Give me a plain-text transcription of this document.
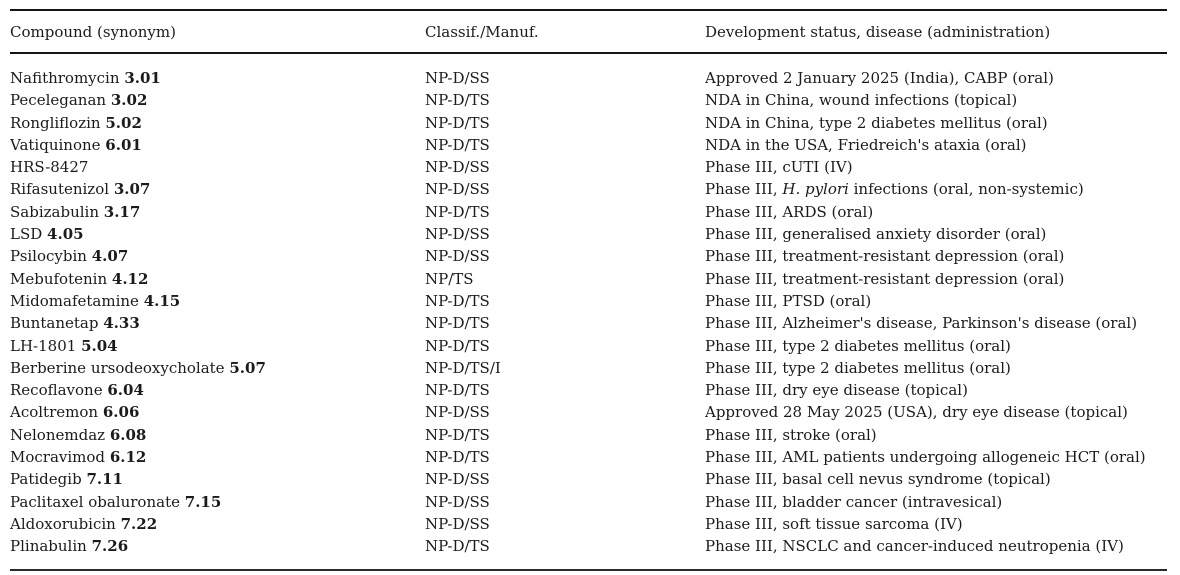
Compound (synonym)	Classif./Manuf.	Development status, disease (administration)
Nafithromycin 3.01	NP-D/SS	Approved 2 January 2025 (India), CABP (oral)
Peceleganan 3.02	NP-D/TS	NDA in China, wound infections (topical)
Rongliflozin 5.02	NP-D/TS	NDA in China, type 2 diabetes mellitus (oral)
Vatiquinone 6.01	NP-D/TS	NDA in the USA, Friedreich's ataxia (oral)
HRS-8427	NP-D/SS	Phase III, cUTI (IV)
Rifasutenizol 3.07	NP-D/SS	Phase III, H. pylori infections (oral, non-systemic)
Sabizabulin 3.17	NP-D/TS	Phase III, ARDS (oral)
LSD 4.05	NP-D/SS	Phase III, generalised anxiety disorder (oral)
Psilocybin 4.07	NP-D/SS	Phase III, treatment-resistant depression (oral)
Mebufotenin 4.12	NP/TS	Phase III, treatment-resistant depression (oral)
Midomafetamine 4.15	NP-D/TS	Phase III, PTSD (oral)
Buntanetap 4.33	NP-D/TS	Phase III, Alzheimer's disease, Parkinson's disease (oral)
LH-1801 5.04	NP-D/TS	Phase III, type 2 diabetes mellitus (oral)
Berberine ursodeoxycholate 5.07	NP-D/TS/I	Phase III, type 2 diabetes mellitus (oral)
Recoflavone 6.04	NP-D/TS	Phase III, dry eye disease (topical)
Acoltremon 6.06	NP-D/SS	Approved 28 May 2025 (USA), dry eye disease (topical)
Nelonemdaz 6.08	NP-D/TS	Phase III, stroke (oral)
Mocravimod 6.12	NP-D/TS	Phase III, AML patients undergoing allogeneic HCT (oral)
Patidegib 7.11	NP-D/SS	Phase III, basal cell nevus syndrome (topical)
Paclitaxel obaluronate 7.15	NP-D/SS	Phase III, bladder cancer (intravesical)
Aldoxorubicin 7.22	NP-D/SS	Phase III, soft tissue sarcoma (IV)
Plinabulin 7.26	NP-D/TS	Phase III, NSCLC and cancer-induced neutropenia (IV)
